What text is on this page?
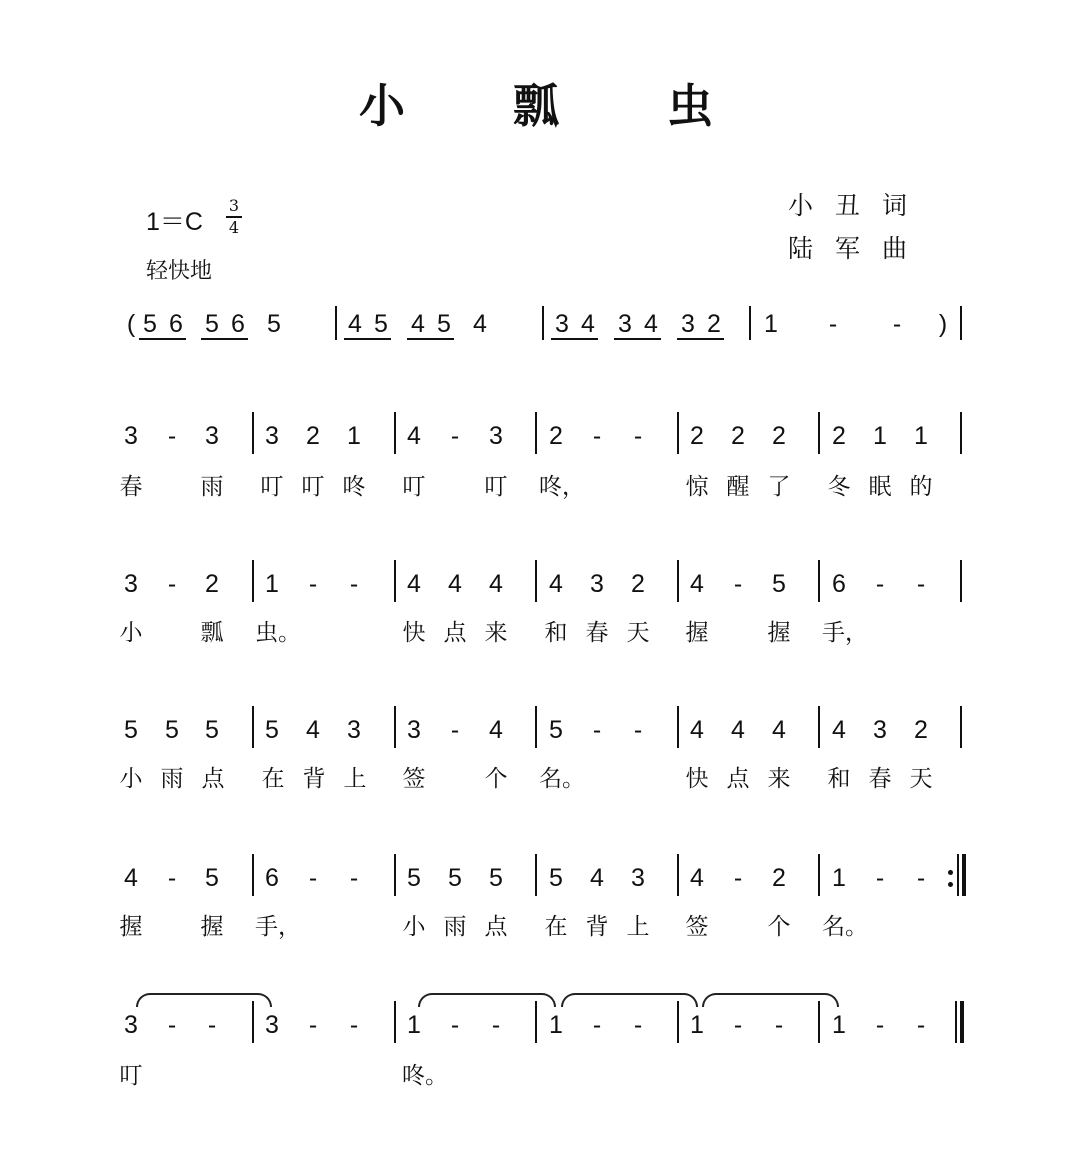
小 瓢 虫
1＝C
3
4
轻快地
小丑词
陆军曲
(	)
5 6 5 6 5	4 5 4 5 4	3 4 3 4 3 2 1 - -
3 - 3 3 2 1 4 - 3 2 - - 2 2 2 2 1 1
春	雨 叮 叮 咚 叮	叮 咚，	惊 醒 了 冬 眠 的
3 - 2 1 - - 4 4 4 4 3 2 4 - 5 6 - -
小	瓢 虫。	快 点 来 和 春 天 握	握 手，
5 5 5 5 4 3 3 - 4 5 - - 4 4 4 4 3 2
小 雨 点 在 背 上 签	个 名。	快 点 来 和 春 天
4 - 5 6 - - 5 5 5 5 4 3 4 - 2 1 - -
握	握 手，	小 雨 点 在 背 上 签	个 名。
3 - - 3 - - 1 - - 1 - - 1 - - 1 - -
叮	咚。
